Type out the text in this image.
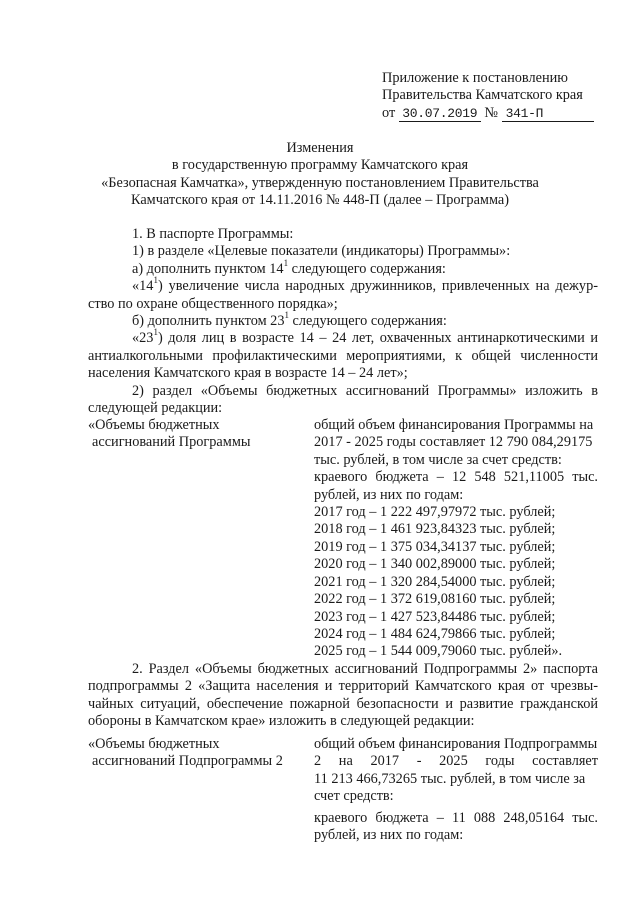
Приложение к постановлению
Правительства Камчатского края
от 30.07.2019 № 341-П
Изменения
в государственную программу Камчатского края
«Безопасная Камчатка», утвержденную постановлением Правительства
Камчатского края от 14.11.2016 № 448-П (далее – Программа)
1. В паспорте Программы:
1) в разделе «Целевые показатели (индикаторы) Программы»:
а) дополнить пунктом $14^1$ следующего содержания:
«$14^1$) увеличение числа народных дружинников, привлеченных на дежур-
ство по охране общественного порядка»;
б) дополнить пунктом $23^1$ следующего содержания:
«$23^1$) доля лиц в возрасте 14 – 24 лет, охваченных антинаркотическими и
антиалкогольными профилактическими мероприятиями, к общей численности
населения Камчатского края в возрасте 14 – 24 лет»;
2) раздел «Объемы бюджетных ассигнований Программы» изложить в
следующей редакции:
«Объемы бюджетных
ассигнований Программы
общий объем финансирования Программы на
2017 - 2025 годы составляет 12 790 084,29175
тыс. рублей, в том числе за счет средств:
краевого бюджета – 12 548 521,11005 тыс.
рублей, из них по годам:
2017 год – 1 222 497,97972 тыс. рублей;
2018 год – 1 461 923,84323 тыс. рублей;
2019 год – 1 375 034,34137 тыс. рублей;
2020 год – 1 340 002,89000 тыс. рублей;
2021 год – 1 320 284,54000 тыс. рублей;
2022 год – 1 372 619,08160 тыс. рублей;
2023 год – 1 427 523,84486 тыс. рублей;
2024 год – 1 484 624,79866 тыс. рублей;
2025 год – 1 544 009,79060 тыс. рублей».
2. Раздел «Объемы бюджетных ассигнований Подпрограммы 2» паспорта
подпрограммы 2 «Защита населения и территорий Камчатского края от чрезвы-
чайных ситуаций, обеспечение пожарной безопасности и развитие гражданской
обороны в Камчатском крае» изложить в следующей редакции:
«Объемы бюджетных
ассигнований Подпрограммы 2
общий объем финансирования Подпрограммы
2 на 2017 - 2025 годы составляет
11 213 466,73265 тыс. рублей, в том числе за
счет средств:
краевого бюджета – 11 088 248,05164 тыс.
рублей, из них по годам:
